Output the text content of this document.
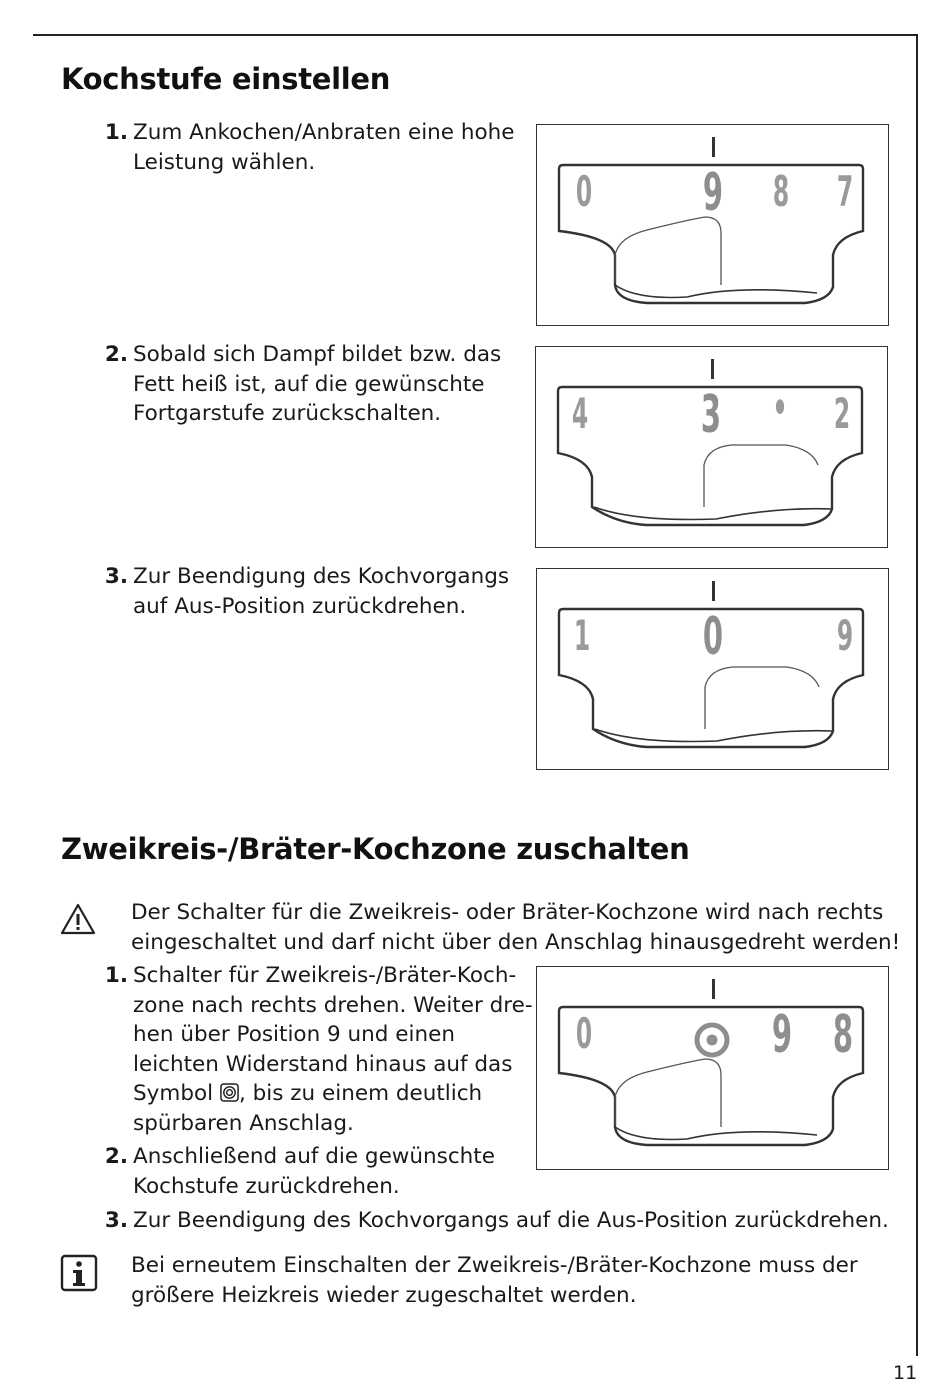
Kochstufe einstellen
1. Zum Ankochen/Anbraten eine hohe
Leistung wählen.
2. Sobald sich Dampf bildet bzw. das
Fett heiß ist, auf die gewünschte
Fortgarstufe zurückschalten.
3. Zur Beendigung des Kochvorgangs
auf Aus-Position zurückdrehen.
0 9 8 7
4 3 • 2
1 0	9
Zweikreis-/Bräter-Kochzone zuschalten
Der Schalter für die Zweikreis- oder Bräter-Kochzone wird nach rechts
eingeschaltet und darf nicht über den Anschlag hinausgedreht werden!
1. Schalter für Zweikreis-/Bräter-Koch-
zone nach rechts drehen. Weiter dre-
hen über Position 9 und einen
leichten Widerstand hinaus auf das
Symbol , bis zu einem deutlich
spürbaren Anschlag.
2. Anschließend auf die gewünschte
Kochstufe zurückdrehen.
3. Zur Beendigung des Kochvorgangs auf die Aus-Position zurückdrehen.
0	9 8
Bei erneutem Einschalten der Zweikreis-/Bräter-Kochzone muss der
größere Heizkreis wieder zugeschaltet werden.
11
